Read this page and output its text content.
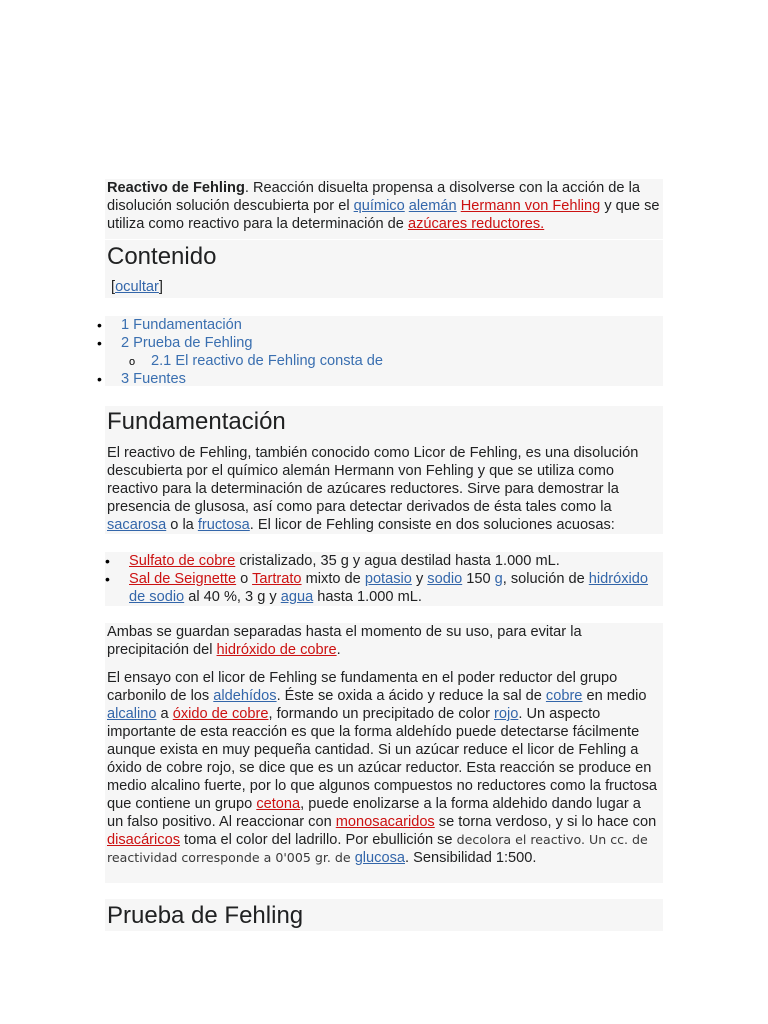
Reactivo de Fehling. Reacción disuelta propensa a disolverse con la acción de la disolución solución descubierta por el químico alemán Hermann von Fehling y que se utiliza como reactivo para la determinación de azúcares reductores.

Contenido
[ocultar]
• 1 Fundamentación
• 2 Prueba de Fehling
o 2.1 El reactivo de Fehling consta de
• 3 Fuentes
Fundamentación

El reactivo de Fehling, también conocido como Licor de Fehling, es una disolución descubierta por el químico alemán Hermann von Fehling y que se utiliza como reactivo para la determinación de azúcares reductores. Sirve para demostrar la presencia de glusosa, así como para detectar derivados de ésta tales como la sacarosa o la fructosa. El licor de Fehling consiste en dos soluciones acuosas:

• Sulfato de cobre cristalizado, 35 g y agua destilad hasta 1.000 mL.
• Sal de Seignette o Tartrato mixto de potasio y sodio 150 g, solución de hidróxido de sodio al 40 %, 3 g y agua hasta 1.000 mL.

Ambas se guardan separadas hasta el momento de su uso, para evitar la precipitación del hidróxido de cobre.

El ensayo con el licor de Fehling se fundamenta en el poder reductor del grupo carbonilo de los aldehídos. Éste se oxida a ácido y reduce la sal de cobre en medio alcalino a óxido de cobre, formando un precipitado de color rojo. Un aspecto importante de esta reacción es que la forma aldehído puede detectarse fácilmente aunque exista en muy pequeña cantidad. Si un azúcar reduce el licor de Fehling a óxido de cobre rojo, se dice que es un azúcar reductor. Esta reacción se produce en medio alcalino fuerte, por lo que algunos compuestos no reductores como la fructosa que contiene un grupo cetona, puede enolizarse a la forma aldehido dando lugar a un falso positivo. Al reaccionar con monosacaridos se torna verdoso, y si lo hace con disacáricos toma el color del ladrillo. Por ebullición se decolora el reactivo. Un cc. de reactividad corresponde a 0'005 gr. de glucosa. Sensibilidad 1:500.

Prueba de Fehling
